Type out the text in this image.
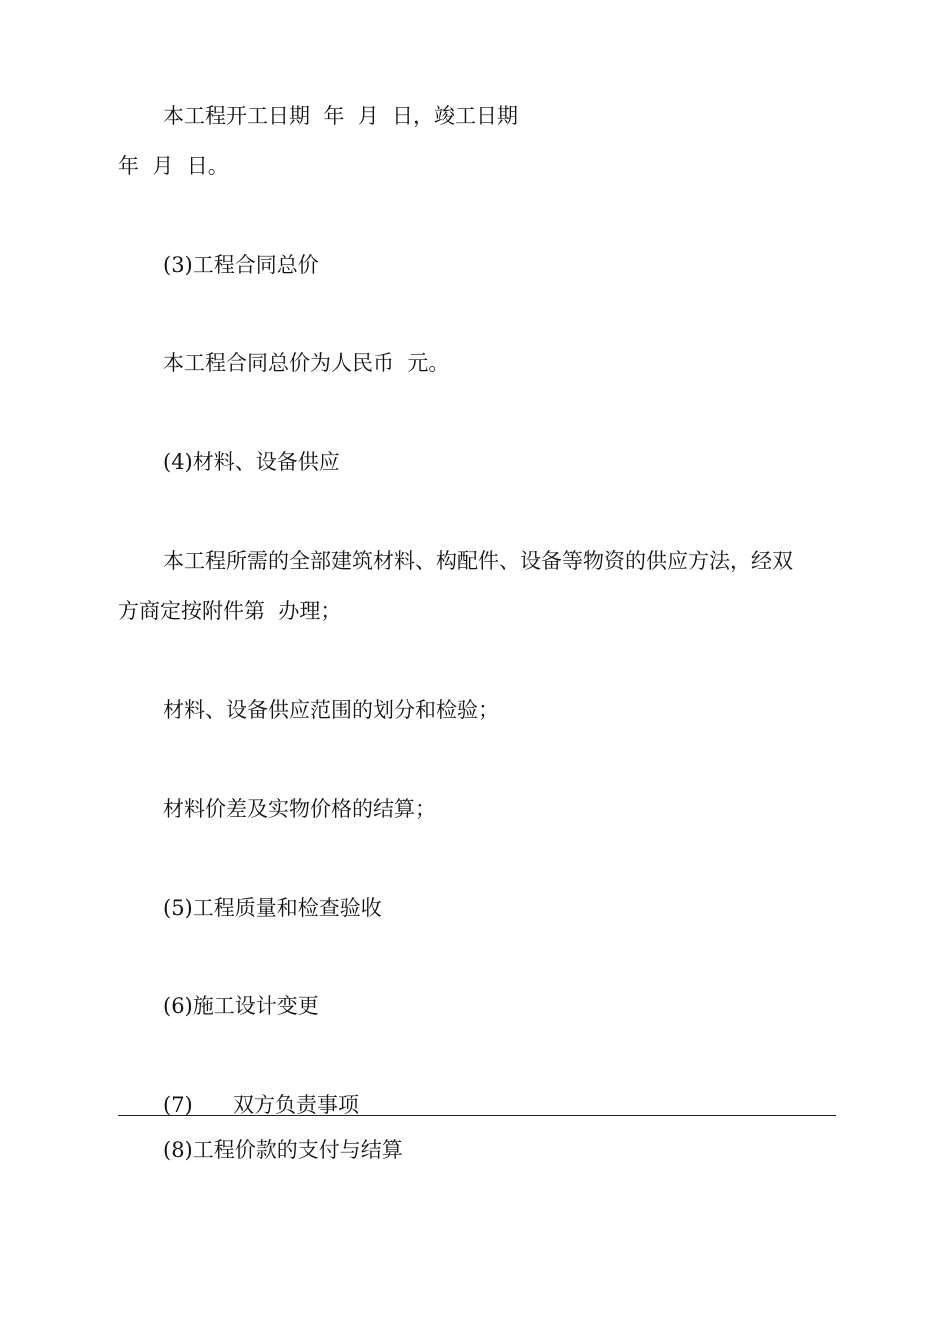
本工程开工日期  年  月  日，竣工日期
年  月  日。
(3)工程合同总价
本工程合同总价为人民币  元。
(4)材料、设备供应
本工程所需的全部建筑材料、构配件、设备等物资的供应方法，经双
方商定按附件第  办理；
材料、设备供应范围的划分和检验；
材料价差及实物价格的结算；
(5)工程质量和检查验收
(6)施工设计变更
(7) 双方负责事项
(8)工程价款的支付与结算
